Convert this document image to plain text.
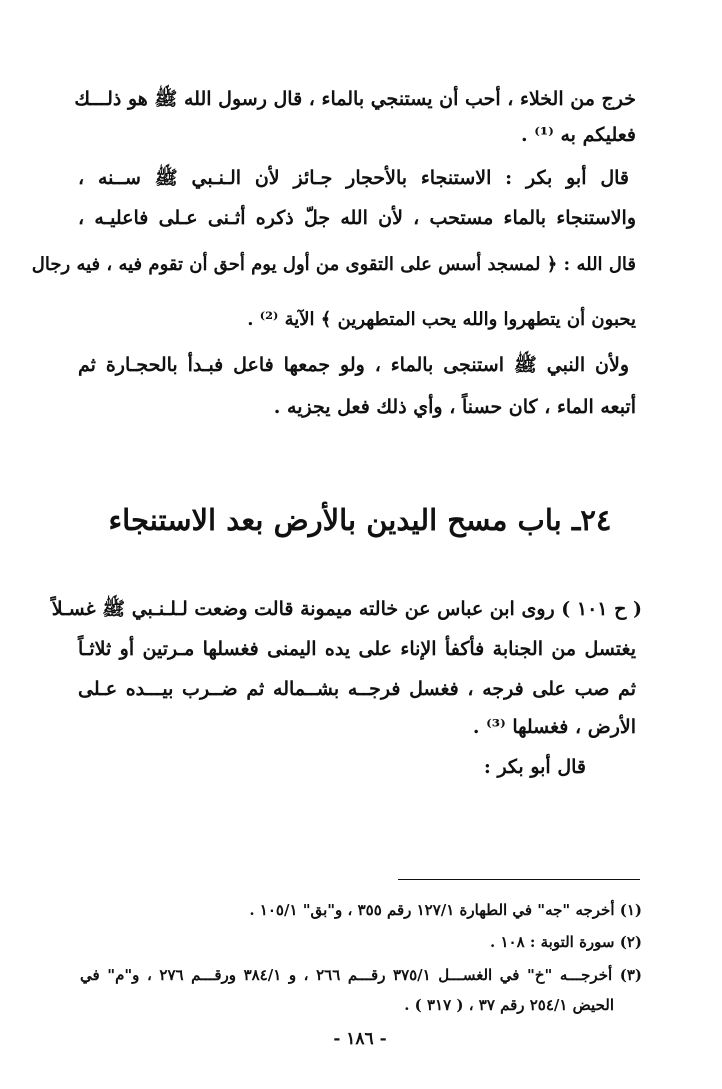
خرج من الخلاء ، أحب أن يستنجي بالماء ، قال رسول الله ﷺ هو ذلـــك
فعليكم به ⁽¹⁾ .
قال أبو بكر : الاستنجاء بالأحجار جـائز لأن الـنـبي ﷺ ســنه ،
والاستنجاء بالماء مستحب ، لأن الله جلّ ذكره أثـنى عـلى فاعليـه ،
قال الله : ﴿ لمسجد أسس على التقوى من أول يوم أحق أن تقوم فيه ، فيه رجال
يحبون أن يتطهروا والله يحب المتطهرين ﴾ الآية ⁽²⁾ .
ولأن النبي ﷺ استنجى بالماء ، ولو جمعها فاعل فبـدأ بالحجـارة ثم
أتبعه الماء ، كان حسناً ، وأي ذلك فعل يجزيه .
٢٤ـ باب مسح اليدين بالأرض بعد الاستنجاء
( ح ١٠١ ) روى ابن عباس عن خالته ميمونة قالت وضعت لـلـنـبي ﷺ غسـلاً
يغتسل من الجنابة فأكفأ الإناء على يده اليمنى فغسلها مـرتين أو ثلاثـاً
ثم صب على فرجه ، فغسل فرجــه بشــماله ثم ضــرب بيـــده عـلى
الأرض ، فغسلها ⁽³⁾ .
قال أبو بكر :
(١) أخرجه "جه" في الطهارة ١٢٧/١ رقم ٣٥٥ ، و"بق" ١٠٥/١ .
(٢) سورة التوبة : ١٠٨ .
(٣) أخرجـــه "خ" في الغســـل ٣٧٥/١ رقـــم ٢٦٦ ، و ٣٨٤/١ ورقـــم ٢٧٦ ، و"م" في
الحيض ٢٥٤/١ رقم ٣٧ ، ( ٣١٧ ) .
- ١٨٦ -
